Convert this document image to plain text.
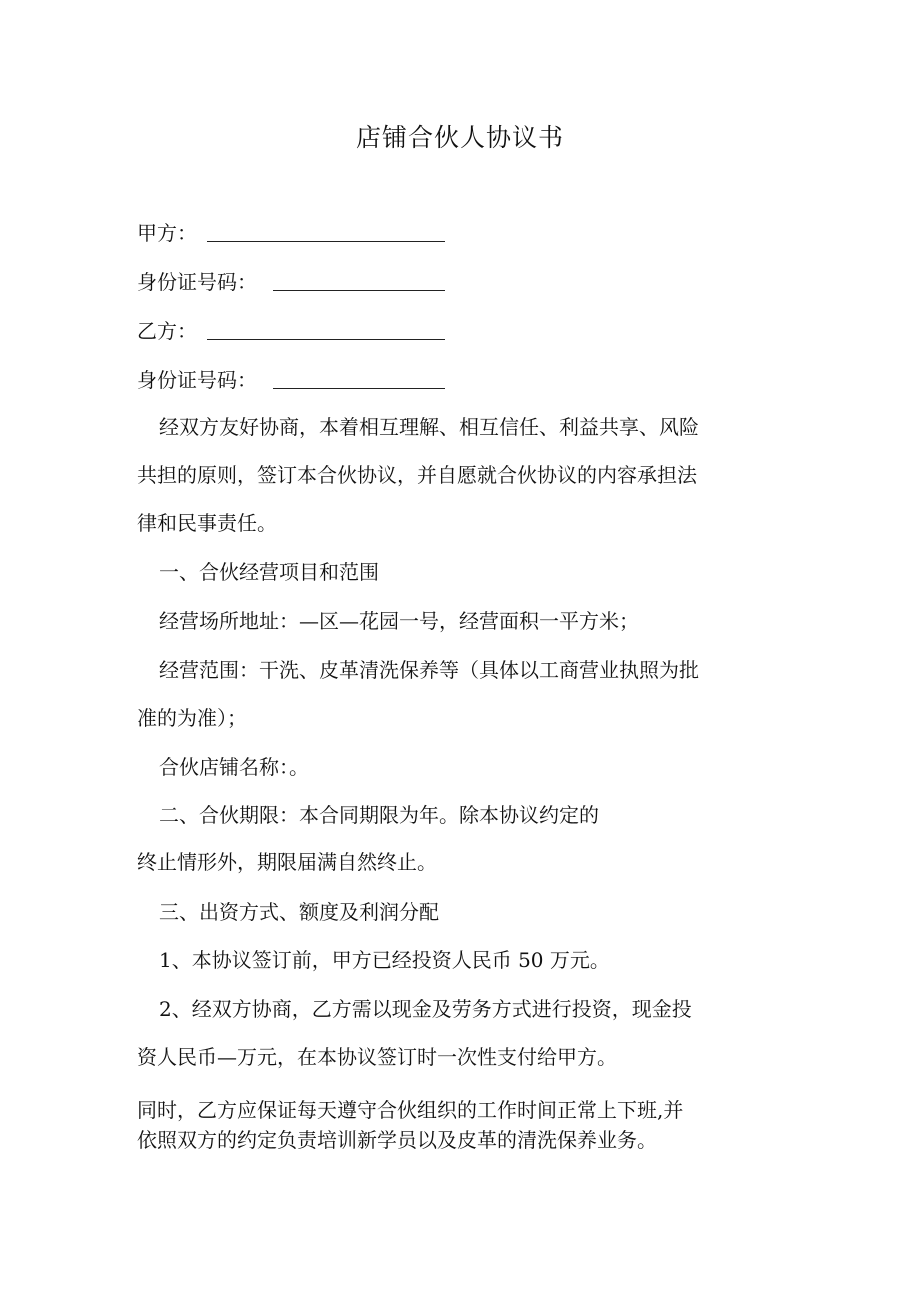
店铺合伙人协议书
甲方：
身份证号码：
乙方：
身份证号码：
经双方友好协商，本着相互理解、相互信任、利益共享、风险
共担的原则，签订本合伙协议，并自愿就合伙协议的内容承担法
律和民事责任。
一、合伙经营项目和范围
经营场所地址：—区—花园一号，经营面积一平方米；
经营范围：干洗、皮革清洗保养等（具体以工商营业执照为批
准的为准）；
合伙店铺名称：。
二、合伙期限：本合同期限为年。除本协议约定的
终止情形外，期限届满自然终止。
三、出资方式、额度及利润分配
1、本协议签订前，甲方已经投资人民币 50 万元。
2、经双方协商，乙方需以现金及劳务方式进行投资，现金投
资人民币—万元，在本协议签订时一次性支付给甲方。
同时，乙方应保证每天遵守合伙组织的工作时间正常上下班,并
依照双方的约定负责培训新学员以及皮革的清洗保养业务。
